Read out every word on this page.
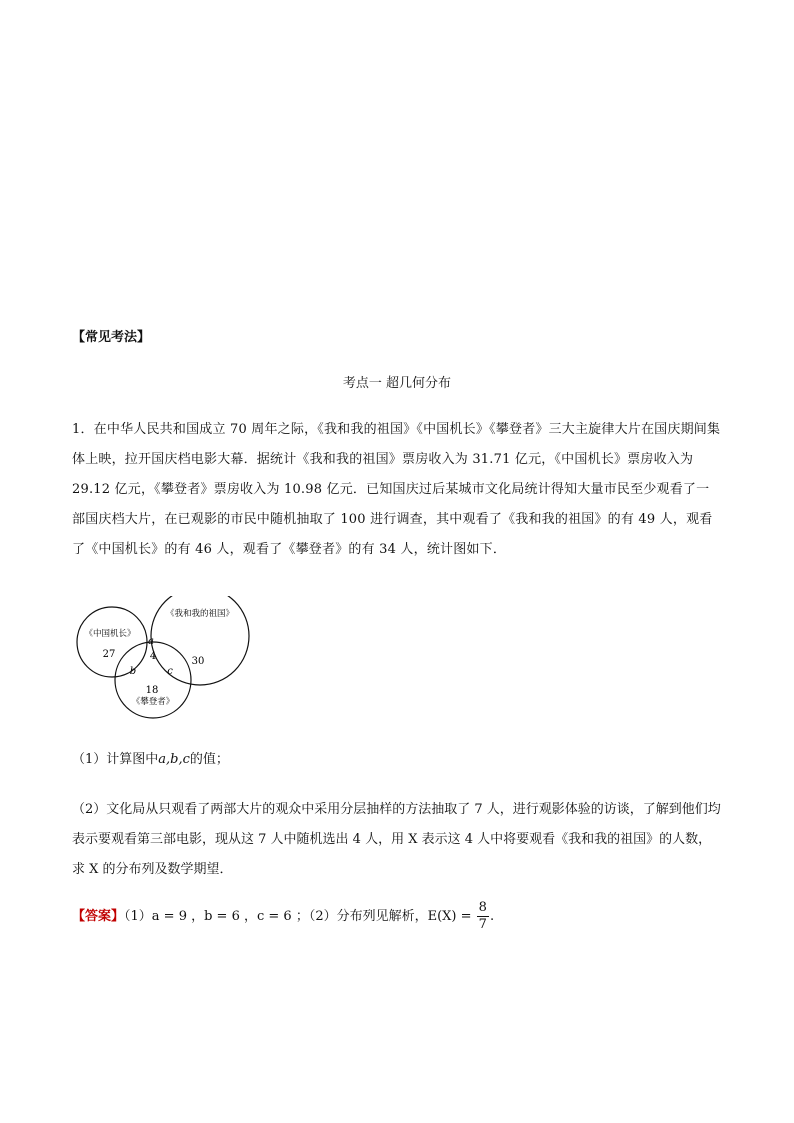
【常见考法】
考点一 超几何分布
1．在中华人民共和国成立 70 周年之际，《我和我的祖国》《中国机长》《攀登者》三大主旋律大片在国庆期间集体上映，拉开国庆档电影大幕．据统计《我和我的祖国》票房收入为 31.71 亿元，《中国机长》票房收入为 29.12 亿元，《攀登者》票房收入为 10.98 亿元．已知国庆过后某城市文化局统计得知大量市民至少观看了一部国庆档大片，在已观影的市民中随机抽取了 100 进行调查，其中观看了《我和我的祖国》的有 49 人，观看了《中国机长》的有 46 人，观看了《攀登者》的有 34 人，统计图如下．
《我和我的祖国》
《中国机长》
《攀登者》
27
30
18
4
a
b	c
（1）计算图中a,b,c的值；
（2）文化局从只观看了两部大片的观众中采用分层抽样的方法抽取了 7 人，进行观影体验的访谈，了解到他们均表示要观看第三部电影，现从这 7 人中随机选出 4 人，用 X 表示这 4 人中将要观看《我和我的祖国》的人数，求 X 的分布列及数学期望．
【答案】（1）a = 9 ，b = 6 ，c = 6 ；（2）分布列见解析，$E(X) = \frac{8}{7}$ .
